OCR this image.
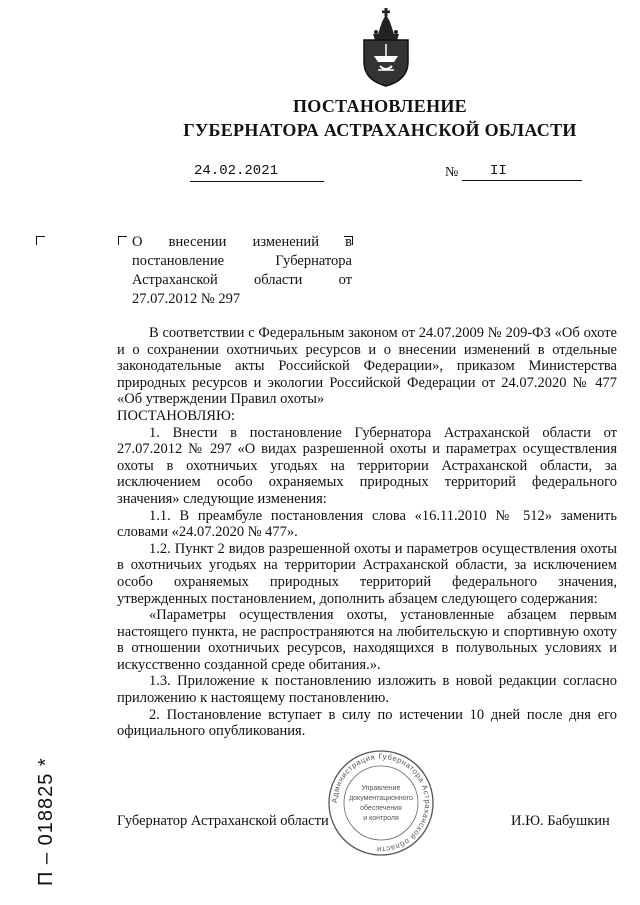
ПОСТАНОВЛЕНИЕ
ГУБЕРНАТОРА АСТРАХАНСКОЙ ОБЛАСТИ
24.02.2021	№	II
О внесении изменений в постановление Губернатора Астраханской области от 27.07.2012 № 297

В соответствии с Федеральным законом от 24.07.2009 № 209-ФЗ «Об охоте и о сохранении охотничьих ресурсов и о внесении изменений в отдельные законодательные акты Российской Федерации», приказом Министерства природных ресурсов и экологии Российской Федерации от 24.07.2020 № 477 «Об утверждении Правил охоты»

ПОСТАНОВЛЯЮ:

1. Внести в постановление Губернатора Астраханской области от 27.07.2012 № 297 «О видах разрешенной охоты и параметрах осуществления охоты в охотничьих угодьях на территории Астраханской области, за исключением особо охраняемых природных территорий федерального значения» следующие изменения:

1.1. В преамбуле постановления слова «16.11.2010 № 512» заменить словами «24.07.2020 № 477».

1.2. Пункт 2 видов разрешенной охоты и параметров осуществления охоты в охотничьих угодьях на территории Астраханской области, за исключением особо охраняемых природных территорий федерального значения, утвержденных постановлением, дополнить абзацем следующего содержания:

«Параметры осуществления охоты, установленные абзацем первым настоящего пункта, не распространяются на любительскую и спортивную охоту в отношении охотничьих ресурсов, находящихся в полувольных условиях и искусственно созданной среде обитания.».

1.3. Приложение к постановлению изложить в новой редакции согласно приложению к настоящему постановлению.

2. Постановление вступает в силу по истечении 10 дней после дня его официального опубликования.

Губернатор Астраханской области	И.Ю. Бабушкин
Администрация Губернатора Астраханской области
Управление
документационного
обеспечения
и контроля
П – 018825 *
